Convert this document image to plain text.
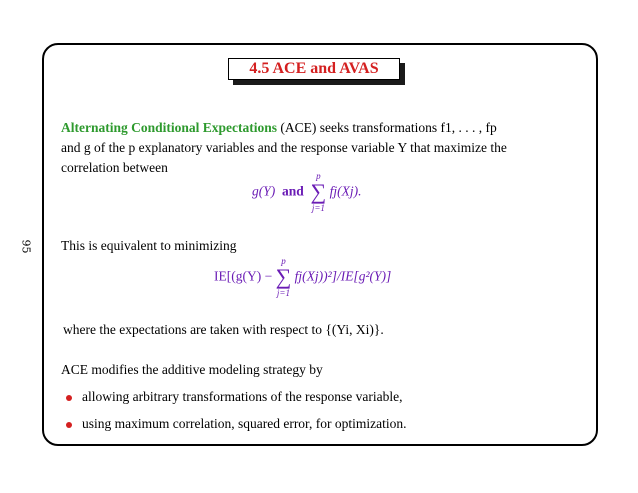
95
4.5 ACE and AVAS
Alternating Conditional Expectations (ACE) seeks transformations f1, . . . , fp
and g of the p explanatory variables and the response variable Y that maximize the
correlation between
g(Y) and
p
∑
j=1
fj(Xj).
This is equivalent to minimizing
IE[(g(Y) −
p
∑
j=1
fj(Xj))²]/IE[g²(Y)]
where the expectations are taken with respect to {(Yi, Xi)}.
ACE modifies the additive modeling strategy by
allowing arbitrary transformations of the response variable,
using maximum correlation, squared error, for optimization.
